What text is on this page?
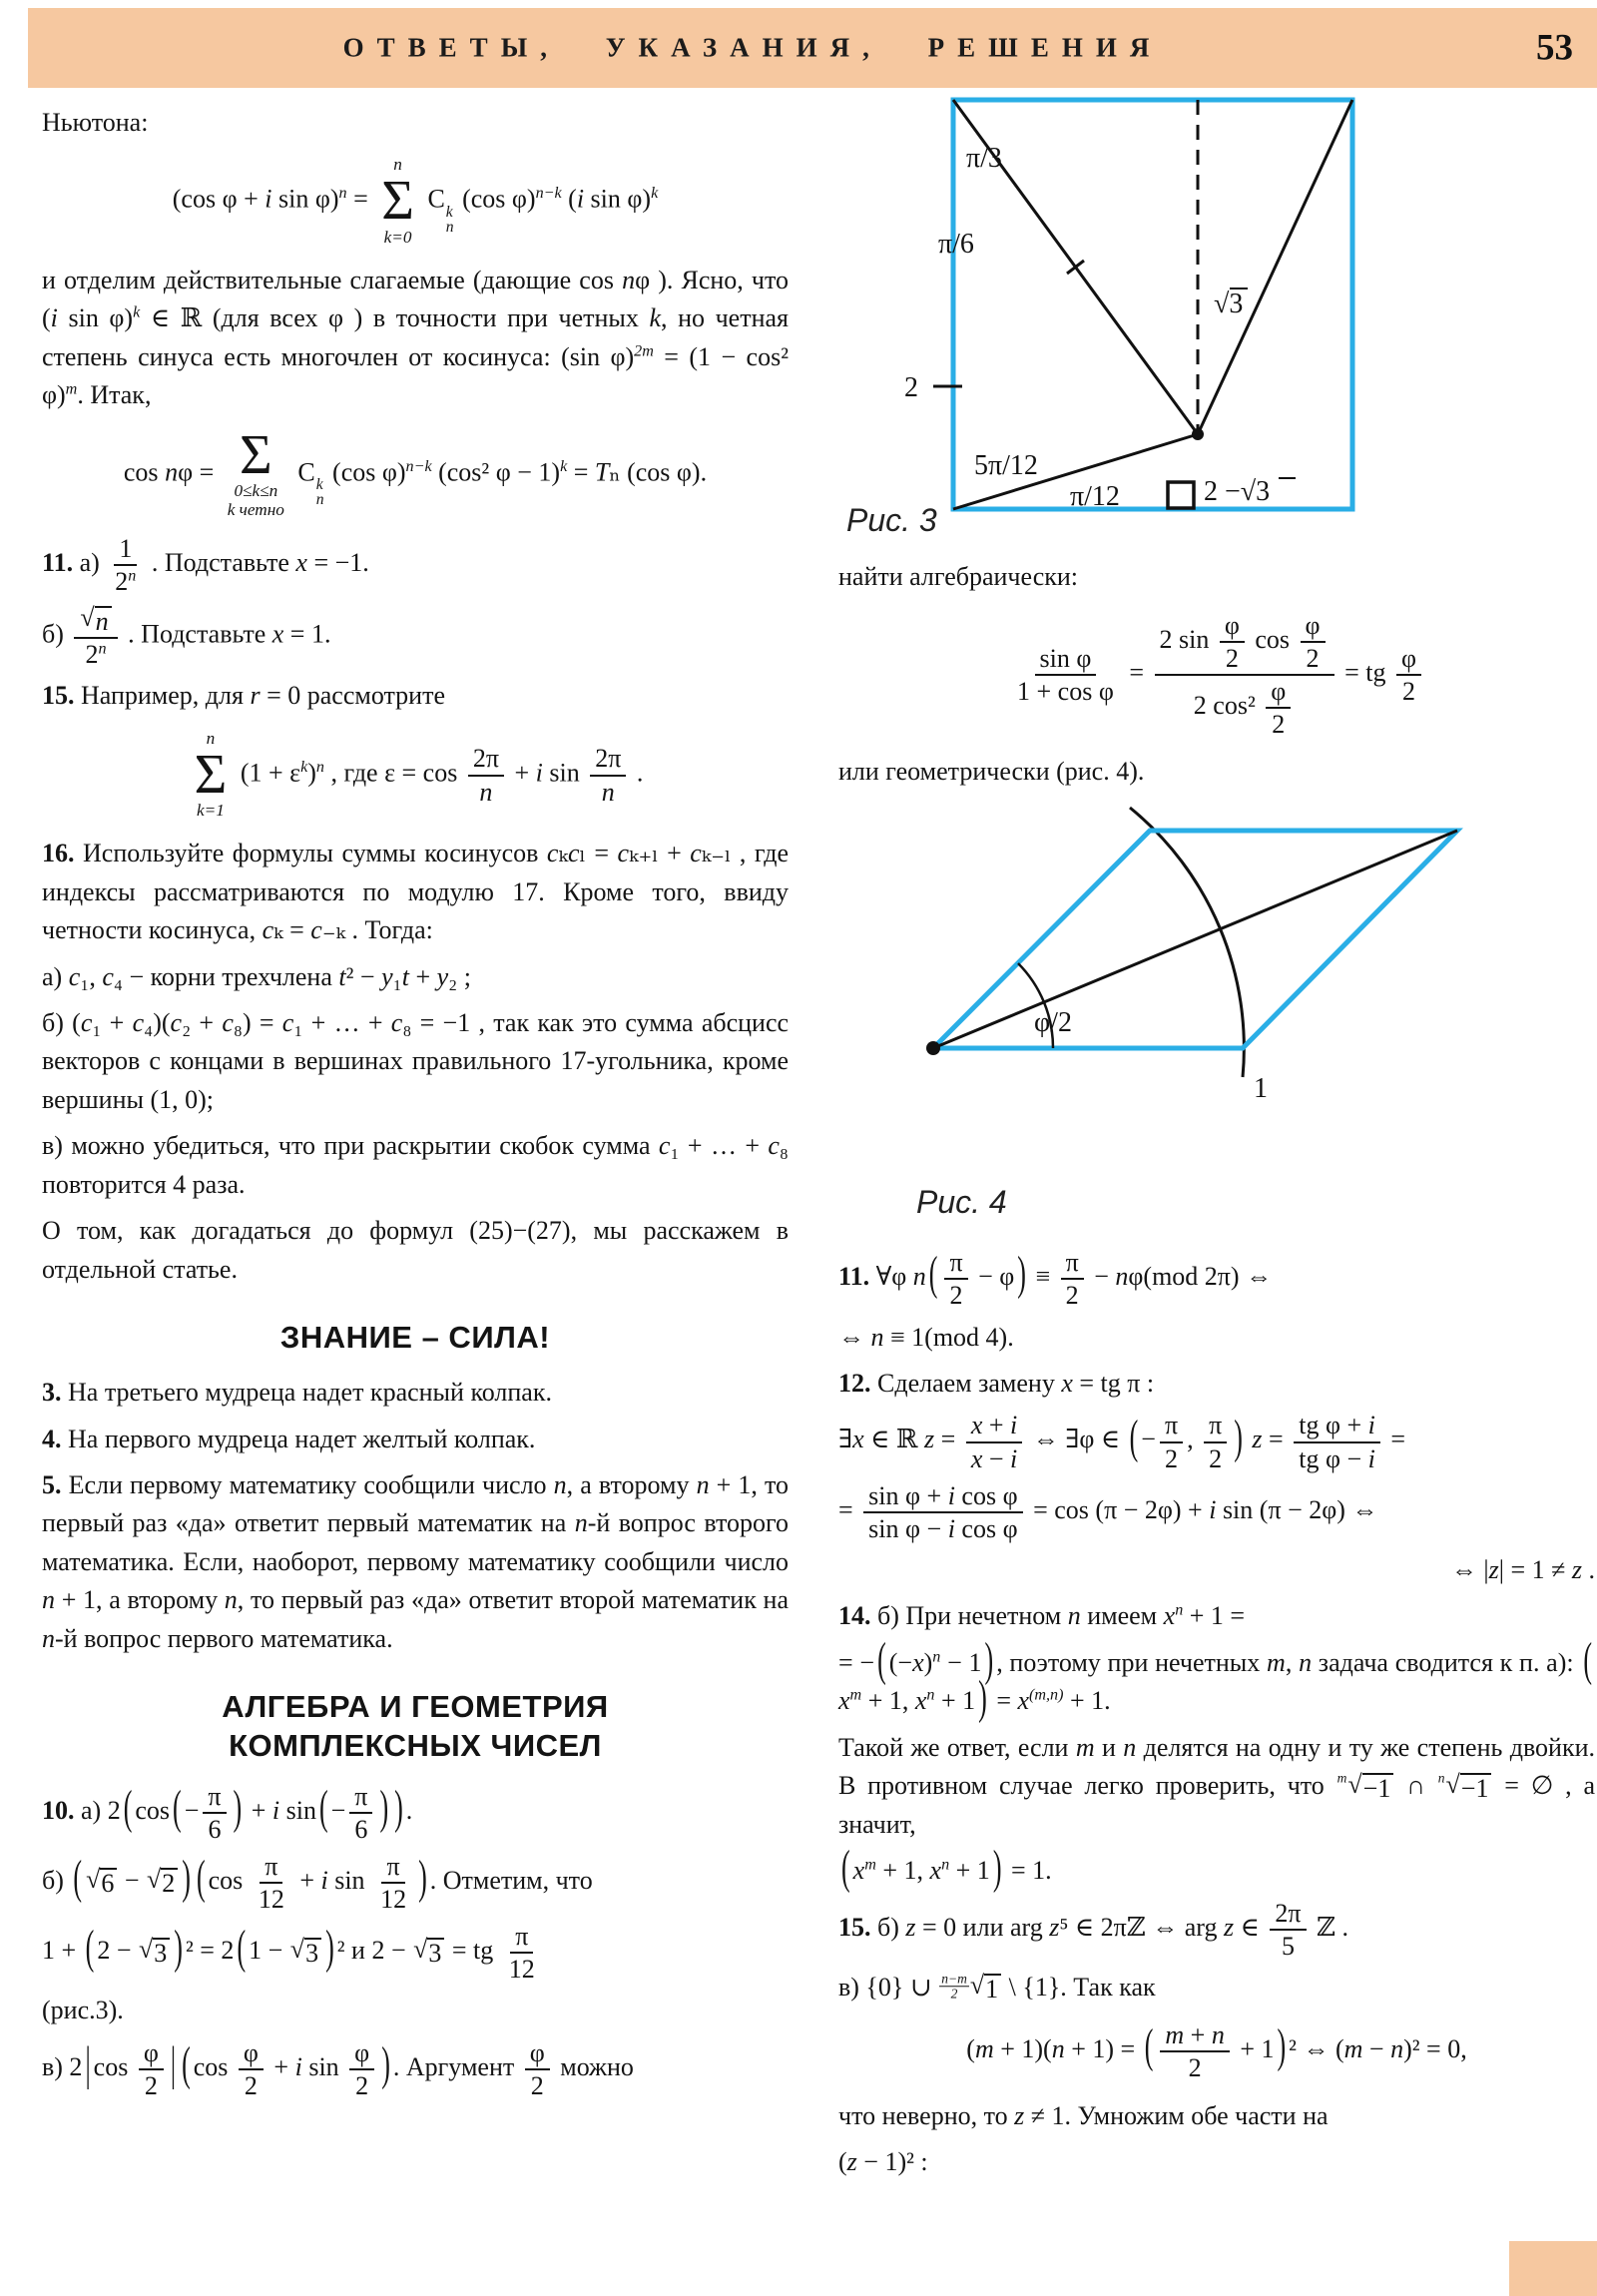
ОТВЕТЫ, УКАЗАНИЯ, РЕШЕНИЯ	53
Ньютона:
(cos φ + i sin φ)$^n$ =
n
Σ
k=0
C k
n
(cos φ)$^{n-k}$ (i sin φ)$^k$
и отделим действительные слагаемые (дающие cos nφ ). Ясно, что (i sin φ)$^k$ ∈ ℝ (для всех φ ) в точности при четных k, но четная степень синуса есть многочлен от косинуса: (sin φ)$^{2m}$ = (1 − cos² φ)$^m$. Итак,
cos nφ = Σ
0≤k≤n
k четно
C k
n
(cos φ)$^{n-k}$ (cos² φ − 1)$^k$ = Tₙ (cos φ).
11. $а) \frac{1}{2^n}$ . Подставьте x = −1.
$б) \frac{√ n}{2^n}$ . Подставьте x = 1.
15. Например, для r = 0 рассмотрите
n
Σ
k=1
$(1 + \varepsilon^k)^n$ , где $\varepsilon = \cos \frac{2\pi}{n} + i$ $\sin \frac{2\pi}{n}$ .
16. Используйте формулы суммы косинусов cₖcₗ = cₖ₊ₗ + cₖ₋ₗ , где индексы рассматриваются по модулю 17. Кроме того, ввиду четности косинуса, cₖ = c₋ₖ . Тогда:
а) c₁, c₄ − корни трехчлена t² − y₁t + y₂ ;
б) (c₁ + c₄)(c₂ + c₈) = c₁ + … + c₈ = −1 , так как это сумма абсцисс векторов с концами в вершинах правильного 17-угольника, кроме вершины (1, 0);
в) можно убедиться, что при раскрытии скобок сумма c₁ + … + c₈ повторится 4 раза.
О том, как догадаться до формул (25)−(27), мы расскажем в отдельной статье.
ЗНАНИЕ – СИЛА!
3. На третьего мудреца надет красный колпак.
4. На первого мудреца надет желтый колпак.
5. Если первому математику сообщили число n, а второму n + 1, то первый раз «да» ответит первый математик на n-й вопрос второго математика. Если, наоборот, первому математику сообщили число n + 1, а второму n, то первый раз «да» ответит второй математик на n-й вопрос первого математика.
АЛГЕБРА И ГЕОМЕТРИЯ
КОМПЛЕКСНЫХ ЧИСЕЛ
10. а) 2 ( cos ( − $\frac{\pi}{6}$ ) + i sin ( − $\frac{\pi}{6}$ ) ) .
б) ( √ 6 − √ 2 ) ( $\cos \frac{\pi}{12} + i$ $\sin \frac{\pi}{12}$ ) . Отметим, что
1 + ( 2 − √ 3 ) ² = 2 ( 1 − √ 3 ) ² и 2 − √ 3 = tg $\frac{\pi}{12}$
(рис.3).
в) 2 | $\cos \frac{\varphi}{2}$ | ( $\cos \frac{\varphi}{2} + i$ $\sin \frac{\varphi}{2}$ ) . Аргумент $\frac{\varphi}{2}$ можно
π/3
π/6
√3
2
5π/12
π/12	2 −√3
Рис. 3
найти алгебраически:
$\frac{\text{sin φ}}{\text{1 + cos φ}} = \frac{2 \sin \frac{\varphi}{2} \cos \frac{\varphi}{2}}{2 \cos^2 \frac{\varphi}{2}}$ = tg $\frac{\varphi}{2}$
или геометрически (рис. 4).
φ/2
1
Рис. 4
11. ∀φ n ( $\frac{\pi}{2} - \varphi$ ) ≡ $\frac{\pi}{2} - n\varphi(mod$ 2π) ⇔
⇔ n ≡ 1(mod 4).
12. Сделаем замену x = tg π :
∃x ∈ ℝ $z = \frac{x + i}{x - i}$ ⇔ ∃φ ∈ ( − $\frac{\pi}{2}$ , $\frac{\pi}{2}$ ) $z = \frac{\text{tg φ + i}}{\text{tg φ − i}}$ =
= $\frac{\text{sin φ + i cos φ}}{\text{sin φ − i cos φ}} = \cos (\pi - 2\varphi) + i$ sin (π − 2φ) ⇔
⇔ |z| = 1 ≠ z .
14. б) При нечетном n имеем $x^n + 1$ =
= − ( $(-x)^n - 1$ ) , поэтому при нечетных m, n задача сводится к п. а): ($x^m + 1$, $x^n + 1$ ) = $x^{(m,n)} + 1$.
Такой же ответ, если m и n делятся на одну и ту же степень двойки. В противном случае легко проверить, что m √ −1 ∩ n √ −1 = ∅ , а значит,
( $x^m + 1$, $x^n + 1$ ) = 1.
15. б) z = 0 или arg z⁵ ∈ 2πℤ ⇔ arg z ∈ $\frac{2\pi}{5}$ ℤ .
в) {0} ∪ $\frac{n-m}{2}$ √ 1 \ {1}. Так как
(m + 1)(n + 1) = ( $\frac{m + n}{2} + 1$ ) ² ⇔ (m − n)² = 0,
что неверно, то z ≠ 1. Умножим обе части на
(z − 1)² :
